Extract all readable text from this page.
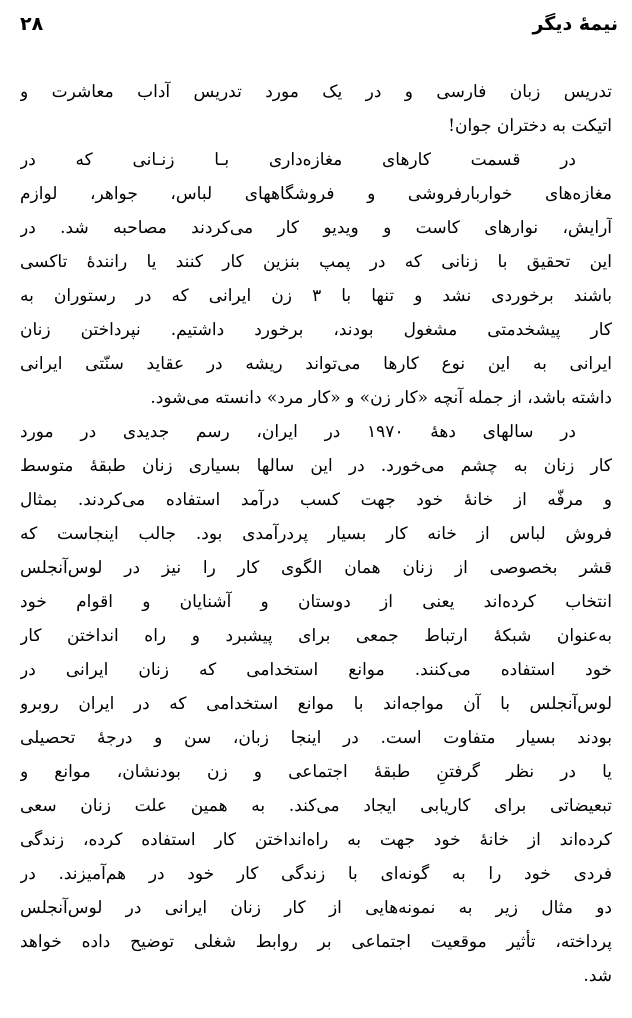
نیمهٔ دیگر
۲۸
تدریس زبان فارسی و در یک مورد تدریس آداب معاشرت و
اتیکت به دختران جوان!
در قسمت کارهای مغازه‌داری بـا زنـانی که در
مغازه‌های خواربارفروشی و فروشگاههای لباس، جواهر، لوازم
آرایش، نوارهای کاست و ویدیو کار می‌کردند مصاحبه شد. در
این تحقیق با زنانی که در پمپ بنزین کار کنند یا رانندهٔ تاکسی
باشند برخوردی نشد و تنها با ۳ زن ایرانی که در رستوران به
کار پیشخدمتی مشغول بودند، برخورد داشتیم. نپرداختن زنان
ایرانی به این نوع کارها می‌تواند ریشه در عقاید سنّتی ایرانی
داشته باشد، از جمله آنچه «کار زن» و «کار مرد» دانسته می‌شود.
در سالهای دههٔ ۱۹۷۰ در ایران، رسم جدیدی در مورد
کار زنان به چشم می‌خورد. در این سالها بسیاری زنان طبقهٔ متوسط
و مرفّه از خانهٔ خود جهت کسب درآمد استفاده می‌کردند. بمثال
فروش لباس از خانه کار بسیار پردرآمدی بود. جالب اینجاست که
قشر بخصوصی از زنان همان الگوی کار را نیز در لوس‌آنجلس
انتخاب کرده‌اند یعنی از دوستان و آشنایان و اقوام خود
به‌عنوان شبکهٔ ارتباط جمعی برای پیشبرد و راه انداختن کار
خود استفاده می‌کنند. موانع استخدامی که زنان ایرانی در
لوس‌آنجلس با آن مواجه‌اند با موانع استخدامی که در ایران روبرو
بودند بسیار متفاوت است. در اینجا زبان، سن و درجهٔ تحصیلی
یا در نظر گرفتنِ طبقهٔ اجتماعی و زن بودنشان، موانع و
تبعیضاتی برای کاریابی ایجاد می‌کند. به همین علت زنان سعی
کرده‌اند از خانهٔ خود جهت به راه‌انداختن کار استفاده کرده، زندگی
فردی خود را به گونه‌ای با زندگی کار خود در هم‌آمیزند. در
دو مثال زیر به نمونه‌هایی از کار زنان ایرانی در لوس‌آنجلس
پرداخته، تأثیر موقعیت اجتماعی بر روابط شغلی توضیح داده خواهد
شد.
